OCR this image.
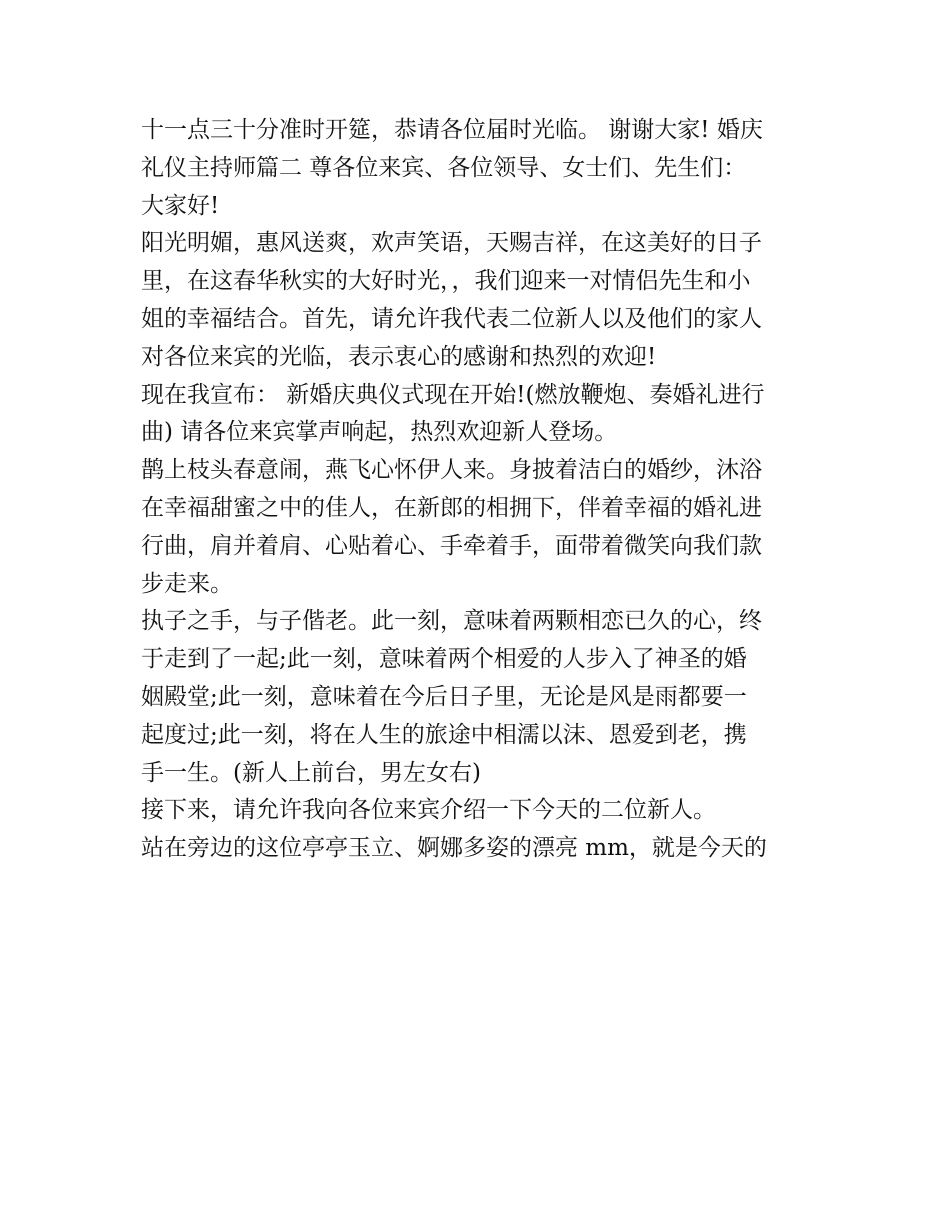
十一点三十分准时开筵，恭请各位届时光临。 谢谢大家! 婚庆
礼仪主持师篇二 尊各位来宾、各位领导、女士们、先生们：
大家好!
阳光明媚，惠风送爽，欢声笑语，天赐吉祥，在这美好的日子
里，在这春华秋实的大好时光，，我们迎来一对情侣先生和小
姐的幸福结合。首先，请允许我代表二位新人以及他们的家人
对各位来宾的光临，表示衷心的感谢和热烈的欢迎!
现在我宣布： 新婚庆典仪式现在开始!(燃放鞭炮、奏婚礼进行
曲) 请各位来宾掌声响起，热烈欢迎新人登场。
鹊上枝头春意闹，燕飞心怀伊人来。身披着洁白的婚纱，沐浴
在幸福甜蜜之中的佳人，在新郎的相拥下，伴着幸福的婚礼进
行曲，肩并着肩、心贴着心、手牵着手，面带着微笑向我们款
步走来。
执子之手，与子偕老。此一刻，意味着两颗相恋已久的心，终
于走到了一起;此一刻，意味着两个相爱的人步入了神圣的婚
姻殿堂;此一刻，意味着在今后日子里，无论是风是雨都要一
起度过;此一刻，将在人生的旅途中相濡以沫、恩爱到老，携
手一生。(新人上前台，男左女右)
接下来，请允许我向各位来宾介绍一下今天的二位新人。
站在旁边的这位亭亭玉立、婀娜多姿的漂亮 mm，就是今天的
